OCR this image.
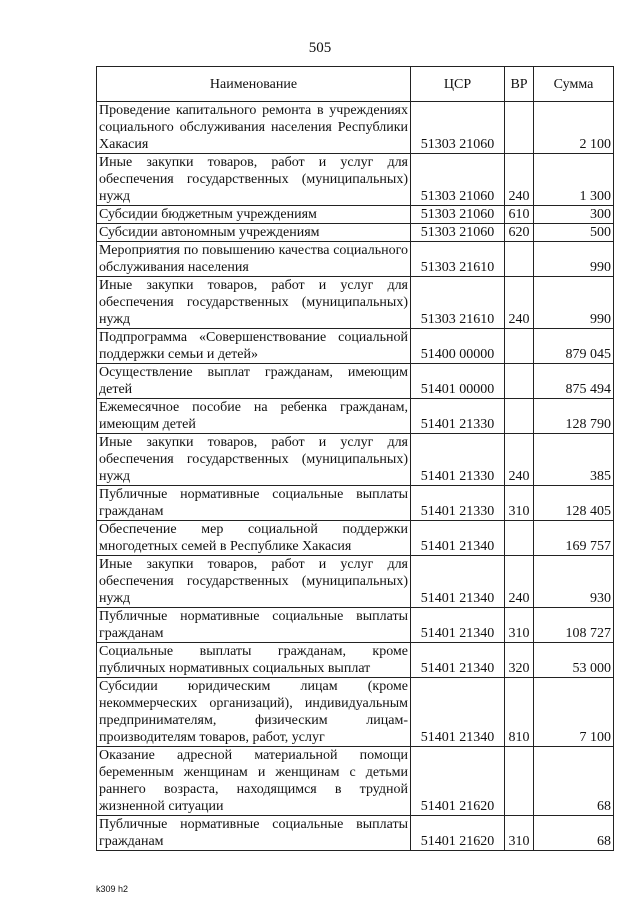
505
Наименование	ЦСР	ВР	Сумма
Проведение капитального ремонта в учреждениях социального обслуживания населения Республики Хакасия	51303 21060		2 100
Иные закупки товаров, работ и услуг для обеспечения государственных (муниципальных) нужд	51303 21060	240	1 300
Субсидии бюджетным учреждениям	51303 21060	610	300
Субсидии автономным учреждениям	51303 21060	620	500
Мероприятия по повышению качества социального обслуживания населения	51303 21610		990
Иные закупки товаров, работ и услуг для обеспечения государственных (муниципальных) нужд	51303 21610	240	990
Подпрограмма «Совершенствование социальной поддержки семьи и детей»	51400 00000		879 045
Осуществление выплат гражданам, имеющим детей	51401 00000		875 494
Ежемесячное пособие на ребенка гражданам, имеющим детей	51401 21330		128 790
Иные закупки товаров, работ и услуг для обеспечения государственных (муниципальных) нужд	51401 21330	240	385
Публичные нормативные социальные выплаты гражданам	51401 21330	310	128 405
Обеспечение мер социальной поддержки многодетных семей в Республике Хакасия	51401 21340		169 757
Иные закупки товаров, работ и услуг для обеспечения государственных (муниципальных) нужд	51401 21340	240	930
Публичные нормативные социальные выплаты гражданам	51401 21340	310	108 727
Социальные выплаты гражданам, кроме публичных нормативных социальных выплат	51401 21340	320	53 000
Субсидии юридическим лицам (кроме некоммерческих организаций), индивидуальным предпринимателям, физическим лицам-производителям товаров, работ, услуг	51401 21340	810	7 100
Оказание адресной материальной помощи беременным женщинам и женщинам с детьми раннего возраста, находящимся в трудной жизненной ситуации	51401 21620		68
Публичные нормативные социальные выплаты гражданам	51401 21620	310	68
k309 h2
